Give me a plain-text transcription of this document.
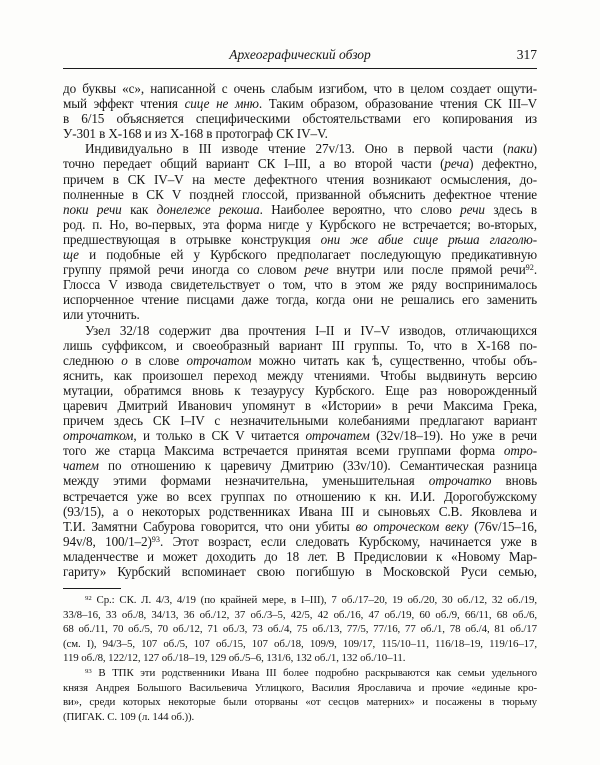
Археографический обзор	317
до буквы «с», написанной с очень слабым изгибом, что в целом создает ощути-
мый эффект чтения сице не мню. Таким образом, образование чтения СК III–V
в 6/15 объясняется специфическими обстоятельствами его копирования из
У-301 в Х-168 и из Х-168 в протограф СК IV–V.
Индивидуально в III изводе чтение 27v/13. Оно в первой части (паки)
точно передает общий вариант СК I–III, а во второй части (реча) дефектно,
причем в СК IV–V на месте дефектного чтения возникают осмысления, до-
полненные в СК V поздней глоссой, призванной объяснить дефектное чтение
поки речи как донележе рекоша. Наиболее вероятно, что слово речи здесь в
род. п. Но, во-первых, эта форма нигде у Курбского не встречается; во-вторых,
предшествующая в отрывке конструкция они же абие сице рѣша глаголю-
ще и подобные ей у Курбского предполагает последующую предикативную
группу прямой речи иногда со словом рече внутри или после прямой речи$^{92}$.
Глосса V извода свидетельствует о том, что в этом же ряду воспринималось
испорченное чтение писцами даже тогда, когда они не решались его заменить
или уточнить.
Узел 32/18 содержит два прочтения I–II и IV–V изводов, отличающихся
лишь суффиксом, и своеобразный вариант III группы. То, что в Х-168 по-
следнюю о в слове отрочатом можно читать как ѣ, существенно, чтобы объ-
яснить, как произошел переход между чтениями. Чтобы выдвинуть версию
мутации, обратимся вновь к тезаурусу Курбского. Еще раз новорожденный
царевич Дмитрий Иванович упомянут в «Истории» в речи Максима Грека,
причем здесь СК I–IV с незначительными колебаниями предлагают вариант
отрочатком, и только в СК V читается отрочатем (32v/18–19). Но уже в речи
того же старца Максима встречается принятая всеми группами форма отро-
чатем по отношению к царевичу Дмитрию (33v/10). Семантическая разница
между этими формами незначительна, уменьшительная отрочатко вновь
встречается уже во всех группах по отношению к кн. И.И. Дорогобужскому
(93/15), а о некоторых родственниках Ивана III и сыновьях С.В. Яковлева и
Т.И. Замятни Сабурова говорится, что они убиты во отроческом веку (76v/15–16,
94v/8, 100/1–2)$^{93}$. Этот возраст, если следовать Курбскому, начинается уже в
младенчестве и может доходить до 18 лет. В Предисловии к «Новому Мар-
гариту» Курбский вспоминает свою погибшую в Московской Руси семью,
$^{92}$ Ср.: СК. Л. 4/3, 4/19 (по крайней мере, в I–III), 7 об./17–20, 19 об./20, 30 об./12, 32 об./19,
33/8–16, 33 об./8, 34/13, 36 об./12, 37 об./3–5, 42/5, 42 об./16, 47 об./19, 60 об./9, 66/11, 68 об./6,
68 об./11, 70 об./5, 70 об./12, 71 об./3, 73 об./4, 75 об./13, 77/5, 77/16, 77 об./1, 78 об./4, 81 об./17
(см. I), 94/3–5, 107 об./5, 107 об./15, 107 об./18, 109/9, 109/17, 115/10–11, 116/18–19, 119/16–17,
119 об./8, 122/12, 127 об./18–19, 129 об./5–6, 131/6, 132 об./1, 132 об./10–11.
$^{93}$ В ТПК эти родственники Ивана III более подробно раскрываются как семьи удельного
князя Андрея Большого Васильевича Углицкого, Василия Ярославича и прочие «единые кро-
ви», среди которых некоторые были оторваны «от сесцов матерних» и посажены в тюрьму
(ПИГАК. С. 109 (л. 144 об.)).
